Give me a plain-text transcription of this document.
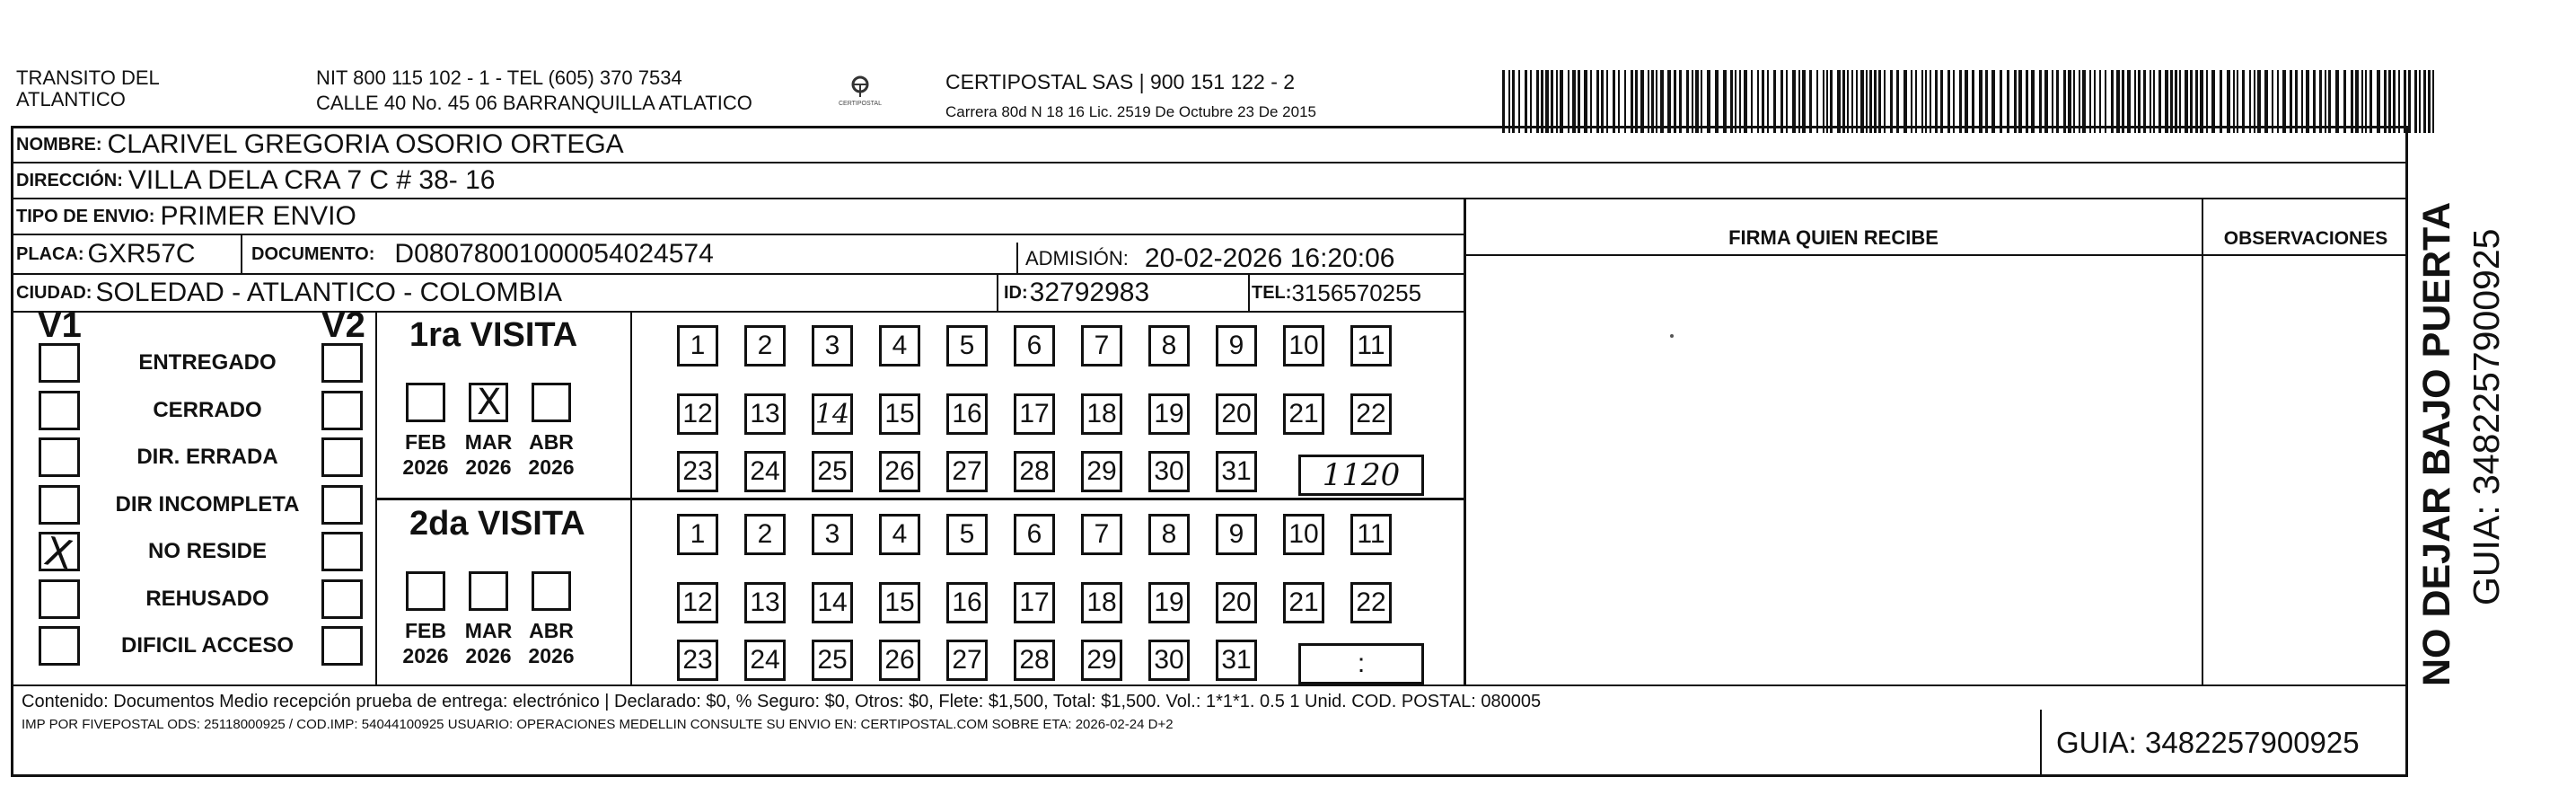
TRANSITO DEL
ATLANTICO
NIT 800 115 102 - 1 - TEL (605) 370 7534
CALLE 40 No. 45 06 BARRANQUILLA ATLATICO	CERTIPOSTAL
CERTIPOSTAL SAS | 900 151 122 - 2
Carrera 80d N 18 16 Lic. 2519 De Octubre 23 De 2015
NOMBRE: CLARIVEL GREGORIA OSORIO ORTEGA
DIRECCIÓN: VILLA DELA CRA 7 C # 38- 16
TIPO DE ENVIO: PRIMER ENVIO
PLACA: GXR57C	DOCUMENTO: D08078001000054024574	ADMISIÓN: 20-02-2026 16:20:06
CIUDAD: SOLEDAD - ATLANTICO - COLOMBIA	ID: 32792983	TEL: 3156570255
FIRMA QUIEN RECIBE	OBSERVACIONES
V1	V2
ENTREGADO
CERRADO
DIR. ERRADA
DIR INCOMPLETA
X	NO RESIDE
REHUSADO
DIFICIL ACCESO
1ra VISITA
FEB
2026
X
MAR
2026
ABR
2026
1	2	3	4	5	6	7	8	9	10 11
12 13 14 15 16 17 18 19 20 21 22
23 24 25 26 27 28 29 30 31	1120
2da VISITA
FEB
2026
MAR
2026
ABR
2026
1	2	3	4	5	6	7	8	9	10 11
12 13 14 15 16 17 18 19 20 21 22
23 24 25 26 27 28 29 30 31	:
Contenido: Documentos Medio recepción prueba de entrega: electrónico | Declarado: $0, % Seguro: $0, Otros: $0, Flete: $1,500, Total: $1,500. Vol.: 1*1*1. 0.5 1 Unid. COD. POSTAL: 080005
IMP POR FIVEPOSTAL ODS: 25118000925 / COD.IMP: 54044100925 USUARIO: OPERACIONES MEDELLIN CONSULTE SU ENVIO EN: CERTIPOSTAL.COM SOBRE ETA: 2026-02-24 D+2
GUIA: 3482257900925
NO DEJAR BAJO PUERTA GUIA: 3482257900925
